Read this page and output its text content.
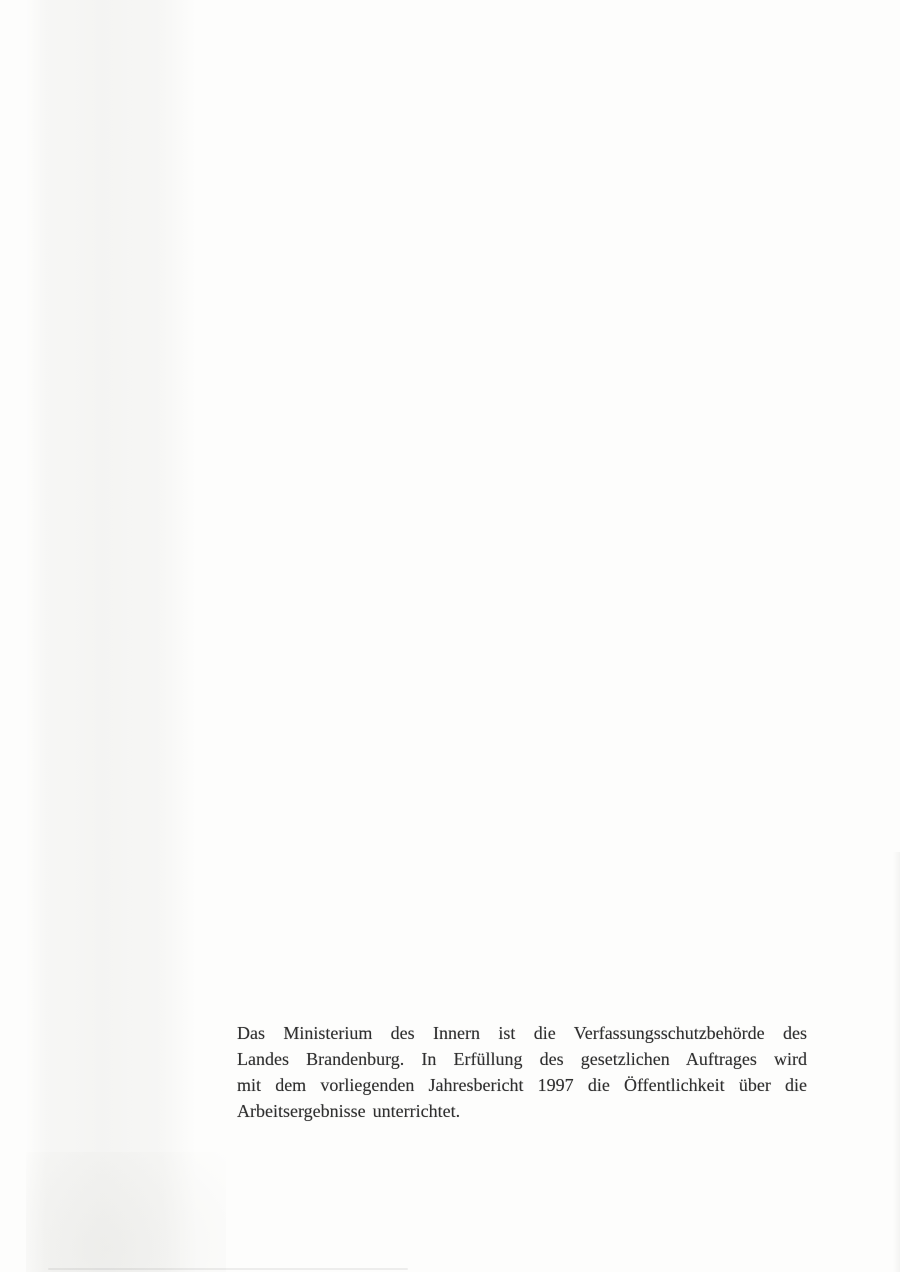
Das Ministerium des Innern ist die Verfassungsschutzbehörde des
Landes Brandenburg. In Erfüllung des gesetzlichen Auftrages wird
mit dem vorliegenden Jahresbericht 1997 die Öffentlichkeit über die
Arbeitsergebnisse unterrichtet.
